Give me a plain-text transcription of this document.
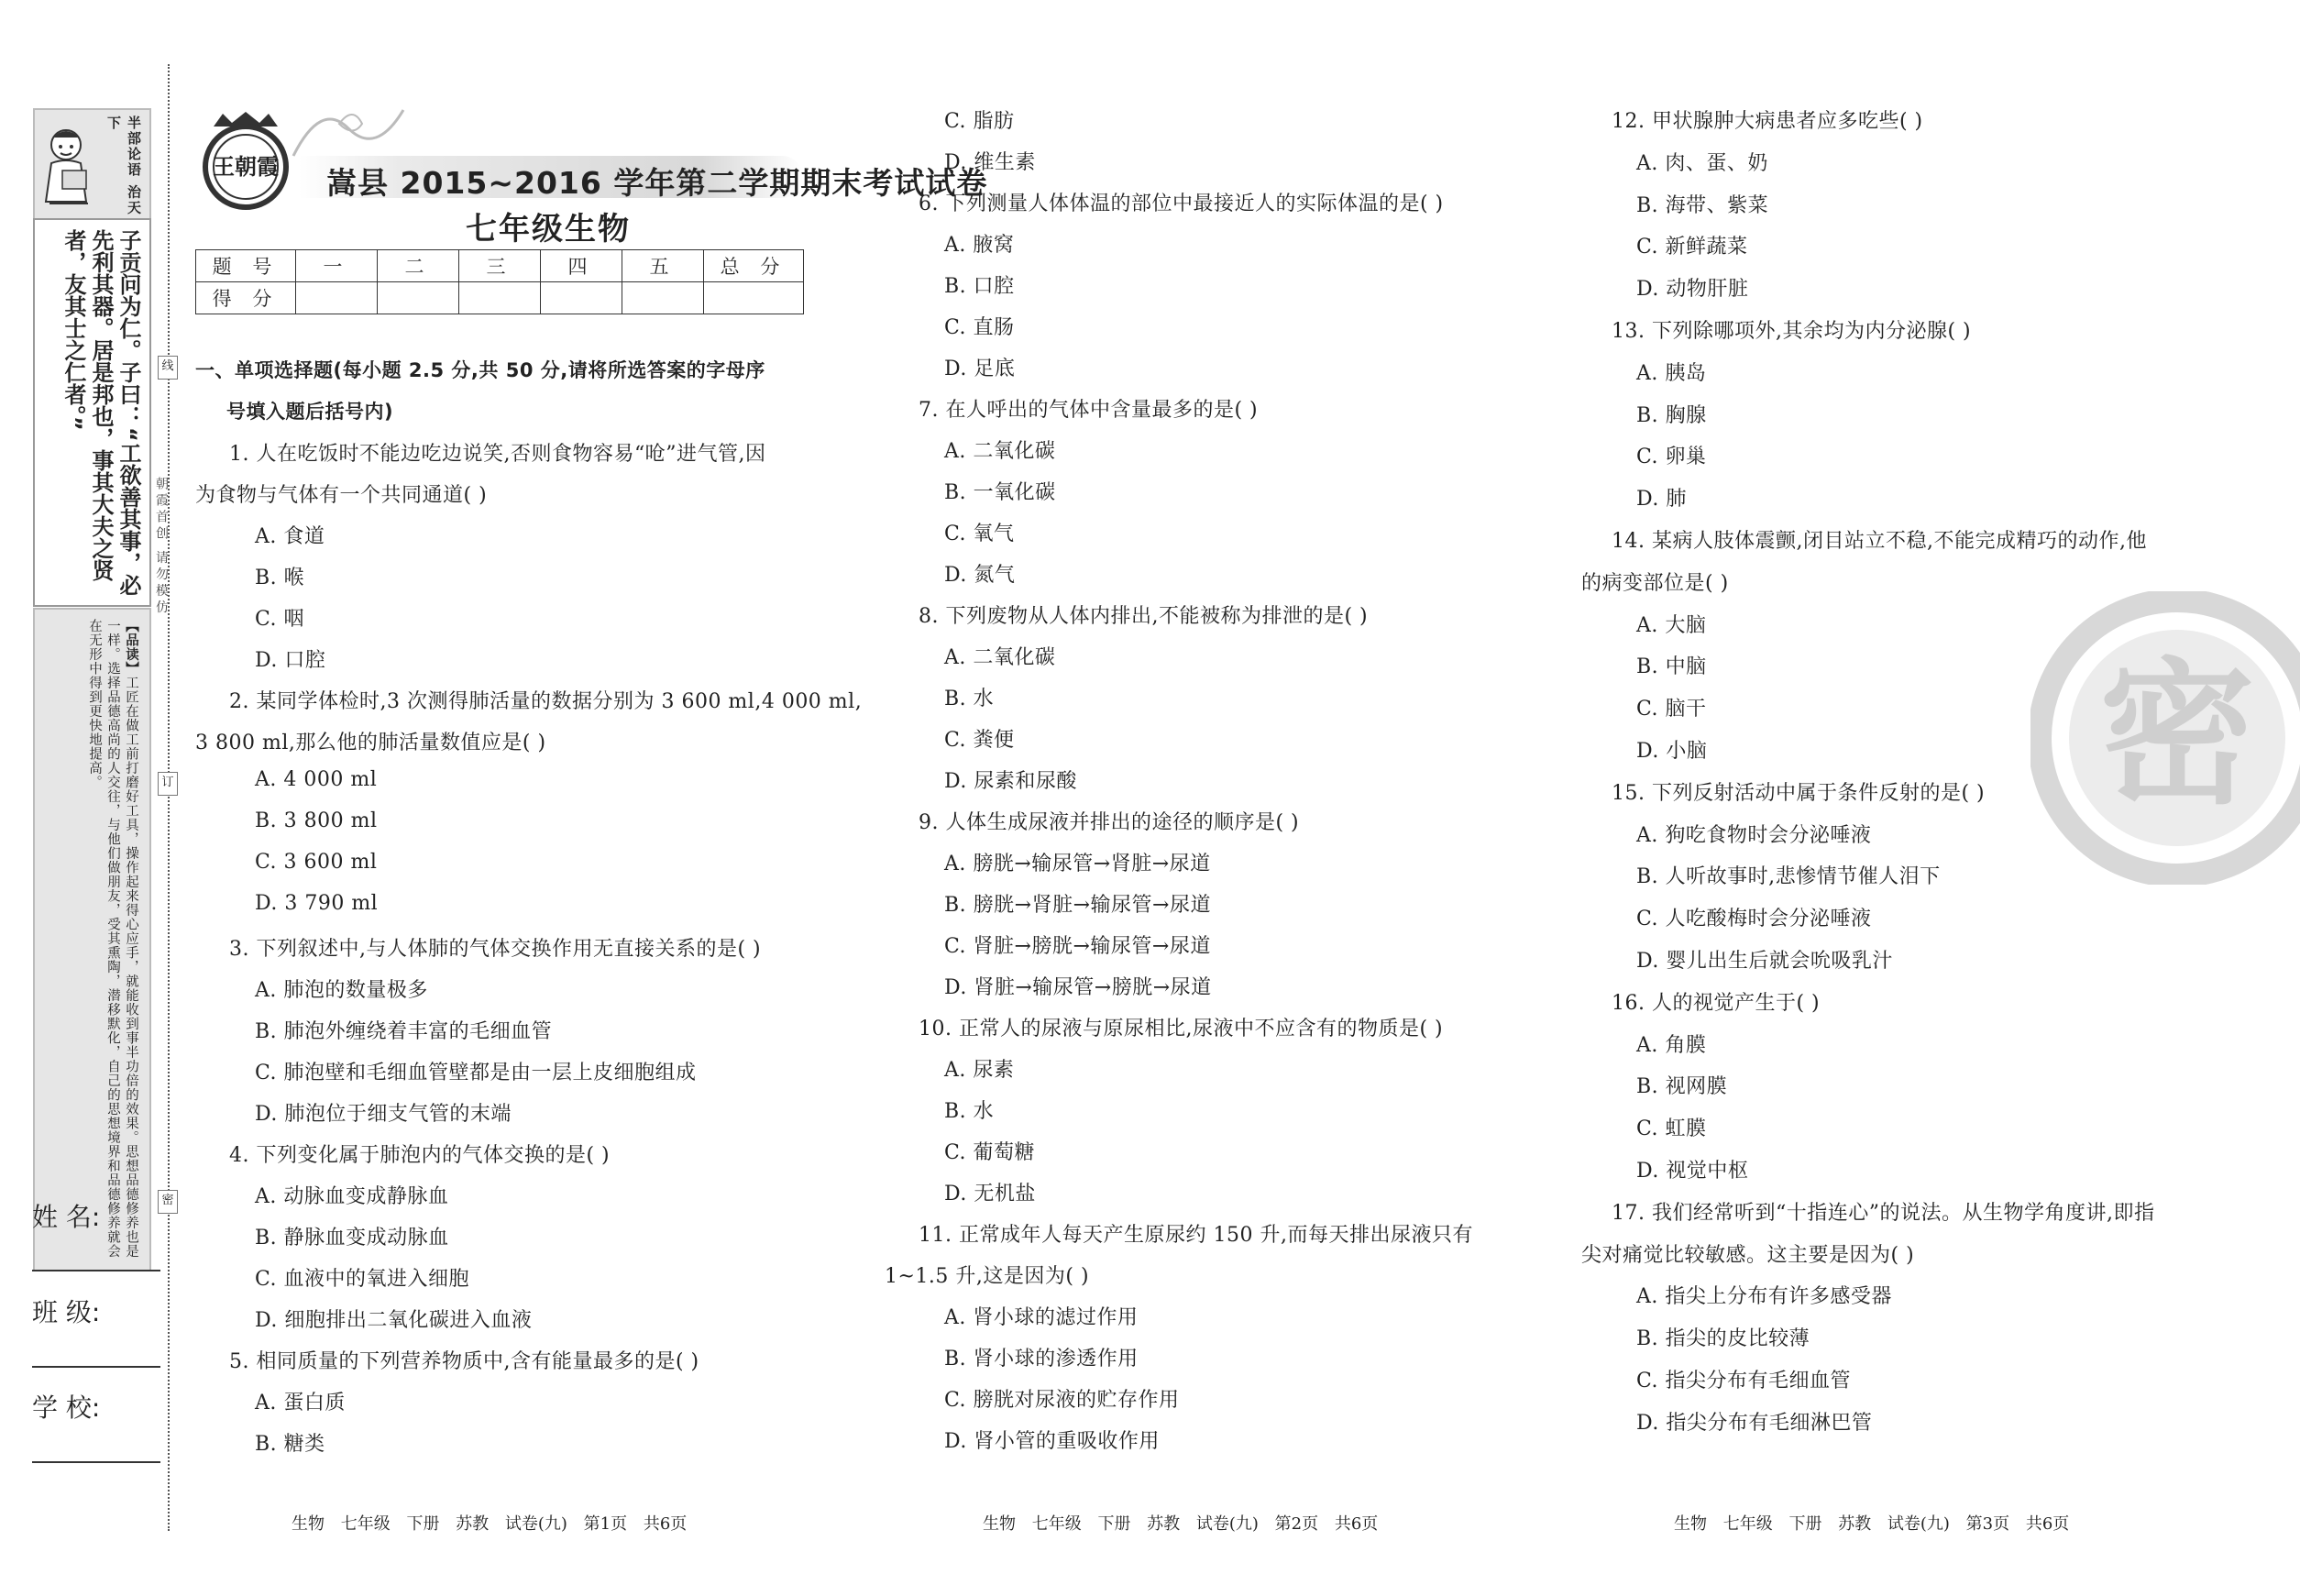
半部论语 治天下
子贡问为仁。子曰：“工欲善其事，必先利其器。居是邦也，事其大夫之贤者，友其士之仁者。”
【品读】工匠在做工前打磨好工具，操作起来得心应手，就能收到事半功倍的效果。思想品德修养也是一样。选择品德高尚的人交往，与他们做朋友，受其熏陶，潜移默化，自己的思想境界和品德修养就会在无形中得到更快地提高。
姓 名:
班 级:
学 校:
线
订
密
朝霞首创 请勿模仿
王朝霞 嵩县 2015~2016 学年第二学期期末考试试卷
七年级生物
题 号	一	二	三	四	五	总 分
得 分						
密
一、单项选择题(每小题 2.5 分,共 50 分,请将所选答案的字母序
号填入题后括号内)
1. 人在吃饭时不能边吃边说笑,否则食物容易“呛”进气管,因
为食物与气体有一个共同通道( )
A. 食道
B. 喉
C. 咽
D. 口腔
2. 某同学体检时,3 次测得肺活量的数据分别为 3 600 ml,4 000 ml,
3 800 ml,那么他的肺活量数值应是( )
A. 4 000 ml
B. 3 800 ml
C. 3 600 ml
D. 3 790 ml
3. 下列叙述中,与人体肺的气体交换作用无直接关系的是( )
A. 肺泡的数量极多
B. 肺泡外缠绕着丰富的毛细血管
C. 肺泡壁和毛细血管壁都是由一层上皮细胞组成
D. 肺泡位于细支气管的末端
4. 下列变化属于肺泡内的气体交换的是( )
A. 动脉血变成静脉血
B. 静脉血变成动脉血
C. 血液中的氧进入细胞
D. 细胞排出二氧化碳进入血液
5. 相同质量的下列营养物质中,含有能量最多的是( )
A. 蛋白质
B. 糖类
C. 脂肪
D. 维生素
6. 下列测量人体体温的部位中最接近人的实际体温的是( )
A. 腋窝
B. 口腔
C. 直肠
D. 足底
7. 在人呼出的气体中含量最多的是( )
A. 二氧化碳
B. 一氧化碳
C. 氧气
D. 氮气
8. 下列废物从人体内排出,不能被称为排泄的是( )
A. 二氧化碳
B. 水
C. 粪便
D. 尿素和尿酸
9. 人体生成尿液并排出的途径的顺序是( )
A. 膀胱→输尿管→肾脏→尿道
B. 膀胱→肾脏→输尿管→尿道
C. 肾脏→膀胱→输尿管→尿道
D. 肾脏→输尿管→膀胱→尿道
10. 正常人的尿液与原尿相比,尿液中不应含有的物质是( )
A. 尿素
B. 水
C. 葡萄糖
D. 无机盐
11. 正常成年人每天产生原尿约 150 升,而每天排出尿液只有
1~1.5 升,这是因为( )
A. 肾小球的滤过作用
B. 肾小球的渗透作用
C. 膀胱对尿液的贮存作用
D. 肾小管的重吸收作用
12. 甲状腺肿大病患者应多吃些( )
A. 肉、蛋、奶
B. 海带、紫菜
C. 新鲜蔬菜
D. 动物肝脏
13. 下列除哪项外,其余均为内分泌腺( )
A. 胰岛
B. 胸腺
C. 卵巢
D. 肺
14. 某病人肢体震颤,闭目站立不稳,不能完成精巧的动作,他
的病变部位是( )
A. 大脑
B. 中脑
C. 脑干
D. 小脑
15. 下列反射活动中属于条件反射的是( )
A. 狗吃食物时会分泌唾液
B. 人听故事时,悲惨情节催人泪下
C. 人吃酸梅时会分泌唾液
D. 婴儿出生后就会吮吸乳汁
16. 人的视觉产生于( )
A. 角膜
B. 视网膜
C. 虹膜
D. 视觉中枢
17. 我们经常听到“十指连心”的说法。从生物学角度讲,即指
尖对痛觉比较敏感。这主要是因为( )
A. 指尖上分布有许多感受器
B. 指尖的皮比较薄
C. 指尖分布有毛细血管
D. 指尖分布有毛细淋巴管
生物 七年级 下册 苏教 试卷(九) 第1页 共6页	生物 七年级 下册 苏教 试卷(九) 第2页 共6页	生物 七年级 下册 苏教 试卷(九) 第3页 共6页
